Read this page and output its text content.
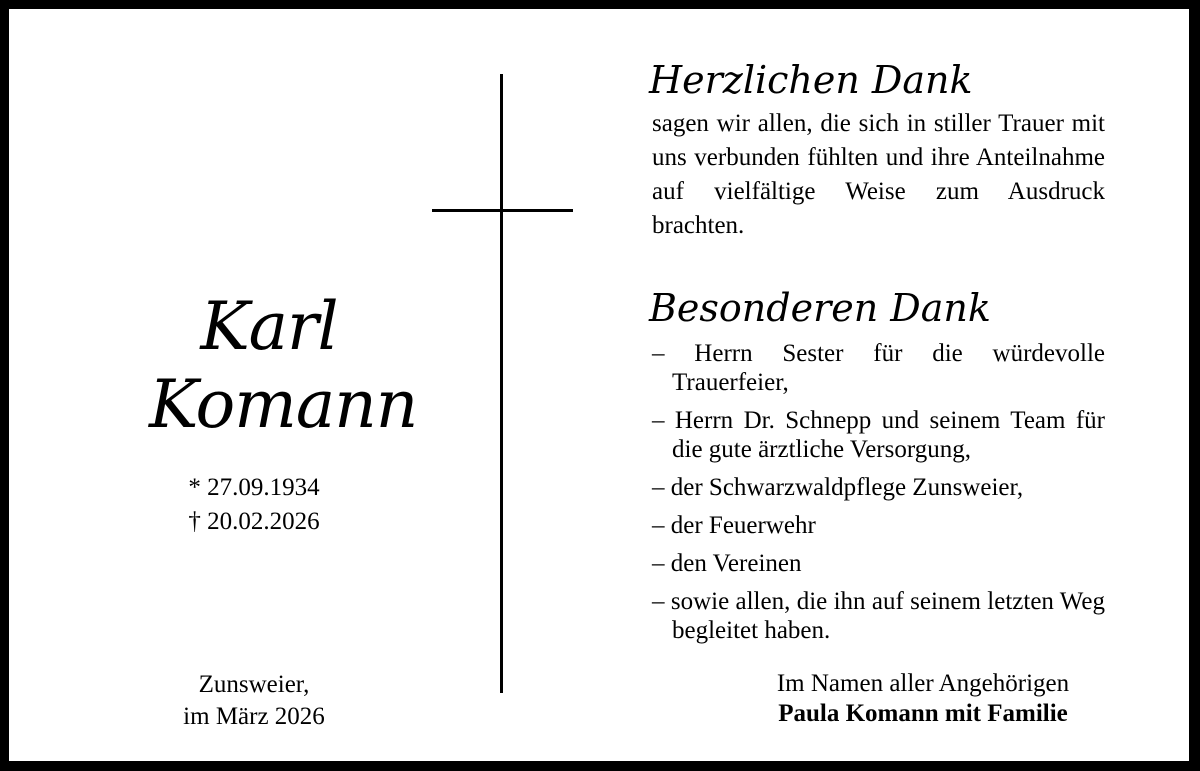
Karl
Komann
* 27.09.1934
† 20.02.2026
Zunsweier,
im März 2026
Herzlichen Dank
sagen wir allen, die sich in stiller Trauer mit uns verbunden fühlten und ihre Anteilnahme auf vielfältige Weise zum Ausdruck brachten.
Besonderen Dank
– Herrn Sester für die würdevolle Trauerfeier,
– Herrn Dr. Schnepp und seinem Team für die gute ärztliche Versorgung,
– der Schwarzwaldpflege Zunsweier,
– der Feuerwehr
– den Vereinen
– sowie allen, die ihn auf seinem letzten Weg begleitet haben.
Im Namen aller Angehörigen
Paula Komann mit Familie
